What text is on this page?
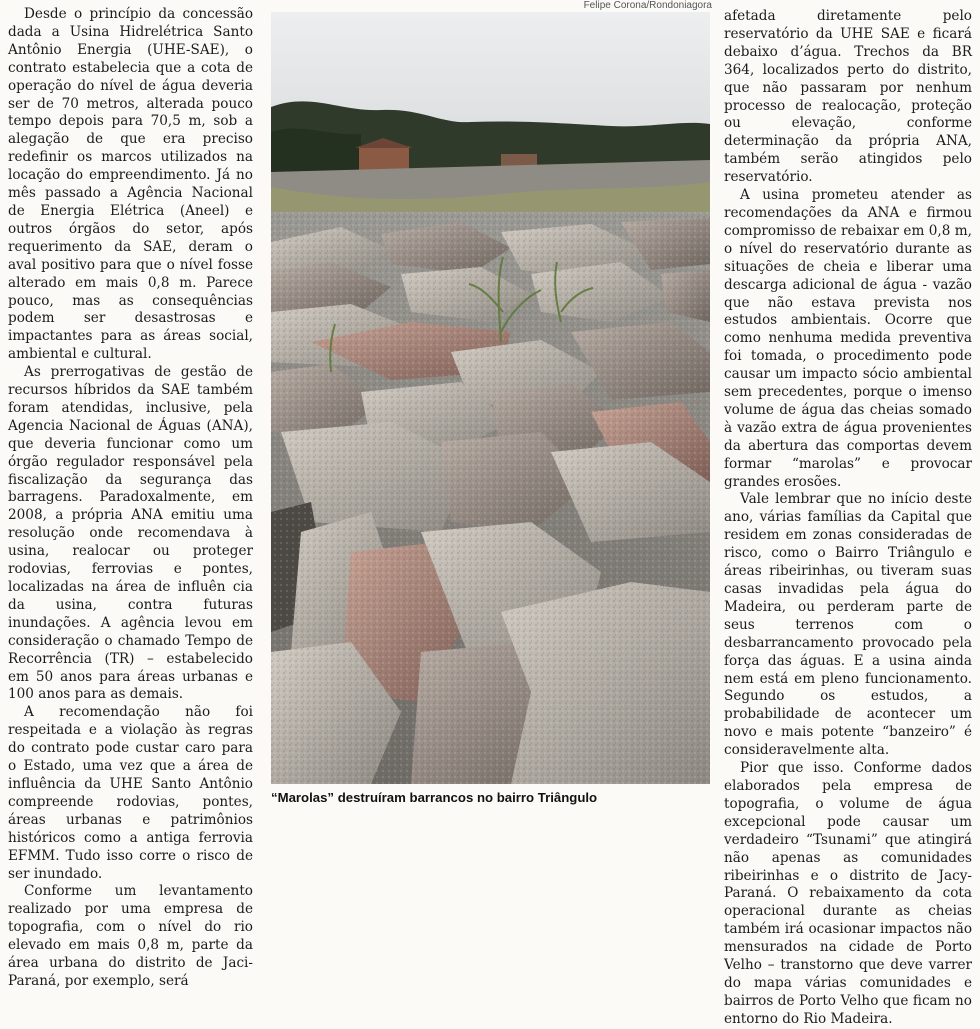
Desde o princípio da concessão dada a Usina Hidrelétrica Santo Antônio Energia (UHE-SAE), o contrato estabelecia que a cota de operação do nível de água deveria ser de 70 metros, alterada pouco tempo depois para 70,5 m, sob a alegação de que era preciso redefinir os marcos utilizados na locação do empreendimento. Já no mês passado a Agência Nacional de Energia Elétrica (Aneel) e outros órgãos do setor, após requerimento da SAE, deram o aval positivo para que o nível fosse alterado em mais 0,8 m. Parece pouco, mas as consequências podem ser desastrosas e impactantes para as áreas social, ambiental e cultural.

As prerrogativas de gestão de recursos híbridos da SAE também foram atendidas, inclusive, pela Agencia Nacional de Águas (ANA), que deveria funcionar como um órgão regulador responsável pela fiscalização da segurança das barragens. Paradoxalmente, em 2008, a própria ANA emitiu uma resolução onde recomendava à usina, realocar ou proteger rodovias, ferrovias e pontes, localizadas na área de influên cia da usina, contra futuras inundações. A agência levou em consideração o chamado Tempo de Recorrência (TR) – estabelecido em 50 anos para áreas urbanas e 100 anos para as demais.

A recomendação não foi respeitada e a violação às regras do contrato pode custar caro para o Estado, uma vez que a área de influência da UHE Santo Antônio compreende rodovias, pontes, áreas urbanas e patrimônios históricos como a antiga ferrovia EFMM. Tudo isso corre o risco de ser inundado.

Conforme um levantamento realizado por uma empresa de topografia, com o nível do rio elevado em mais 0,8 m, parte da área urbana do distrito de Jaci-Paraná, por exemplo, será

Felipe Corona/Rondoniagora
“Marolas” destruíram barrancos no bairro Triângulo

afetada diretamente pelo reservatório da UHE SAE e ficará debaixo d’água. Trechos da BR 364, localizados perto do distrito, que não passaram por nenhum processo de realocação, proteção ou elevação, conforme determinação da própria ANA, também serão atingidos pelo reservatório.

A usina prometeu atender as recomendações da ANA e firmou compromisso de rebaixar em 0,8 m, o nível do reservatório durante as situações de cheia e liberar uma descarga adicional de água - vazão que não estava prevista nos estudos ambientais. Ocorre que como nenhuma medida preventiva foi tomada, o procedimento pode causar um impacto sócio ambiental sem precedentes, porque o imenso volume de água das cheias somado à vazão extra de água provenientes da abertura das comportas devem formar “marolas” e provocar grandes erosões.

Vale lembrar que no início deste ano, várias famílias da Capital que residem em zonas consideradas de risco, como o Bairro Triângulo e áreas ribeirinhas, ou tiveram suas casas invadidas pela água do Madeira, ou perderam parte de seus terrenos com o desbarrancamento provocado pela força das águas. E a usina ainda nem está em pleno funcionamento. Segundo os estudos, a probabilidade de acontecer um novo e mais potente “banzeiro” é consideravelmente alta.

Pior que isso. Conforme dados elaborados pela empresa de topografia, o volume de água excepcional pode causar um verdadeiro “Tsunami” que atingirá não apenas as comunidades ribeirinhas e o distrito de Jacy-Paraná. O rebaixamento da cota operacional durante as cheias também irá ocasionar impactos não mensurados na cidade de Porto Velho – transtorno que deve varrer do mapa várias comunidades e bairros de Porto Velho que ficam no entorno do Rio Madeira.
